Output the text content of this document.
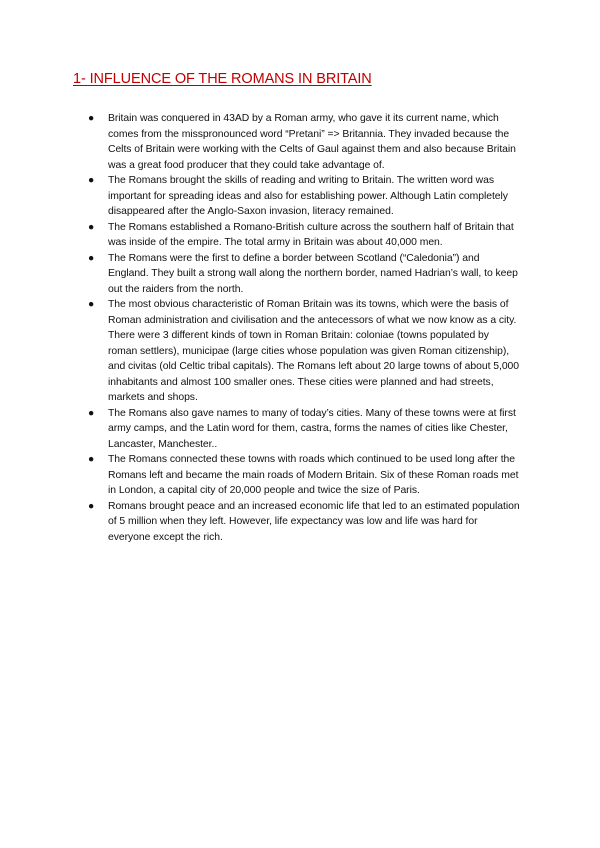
1- INFLUENCE OF THE ROMANS IN BRITAIN
● Britain was conquered in 43AD by a Roman army, who gave it its current name, which comes from the misspronounced word “Pretani” => Britannia. They invaded because the Celts of Britain were working with the Celts of Gaul against them and also because Britain was a great food producer that they could take advantage of.
● The Romans brought the skills of reading and writing to Britain. The written word was important for spreading ideas and also for establishing power. Although Latin completely disappeared after the Anglo-Saxon invasion, literacy remained.
● The Romans established a Romano-British culture across the southern half of Britain that was inside of the empire. The total army in Britain was about 40,000 men.
● The Romans were the first to define a border between Scotland (“Caledonia”) and England. They built a strong wall along the northern border, named Hadrian’s wall, to keep out the raiders from the north.
● The most obvious characteristic of Roman Britain was its towns, which were the basis of Roman administration and civilisation and the antecessors of what we now know as a city. There were 3 different kinds of town in Roman Britain: coloniae (towns populated by roman settlers), municipae (large cities whose population was given Roman citizenship), and civitas (old Celtic tribal capitals). The Romans left about 20 large towns of about 5,000 inhabitants and almost 100 smaller ones. These cities were planned and had streets, markets and shops.
● The Romans also gave names to many of today’s cities. Many of these towns were at first army camps, and the Latin word for them, castra, forms the names of cities like Chester, Lancaster, Manchester..
● The Romans connected these towns with roads which continued to be used long after the Romans left and became the main roads of Modern Britain. Six of these Roman roads met in London, a capital city of 20,000 people and twice the size of Paris.
● Romans brought peace and an increased economic life that led to an estimated population of 5 million when they left. However, life expectancy was low and life was hard for everyone except the rich.
